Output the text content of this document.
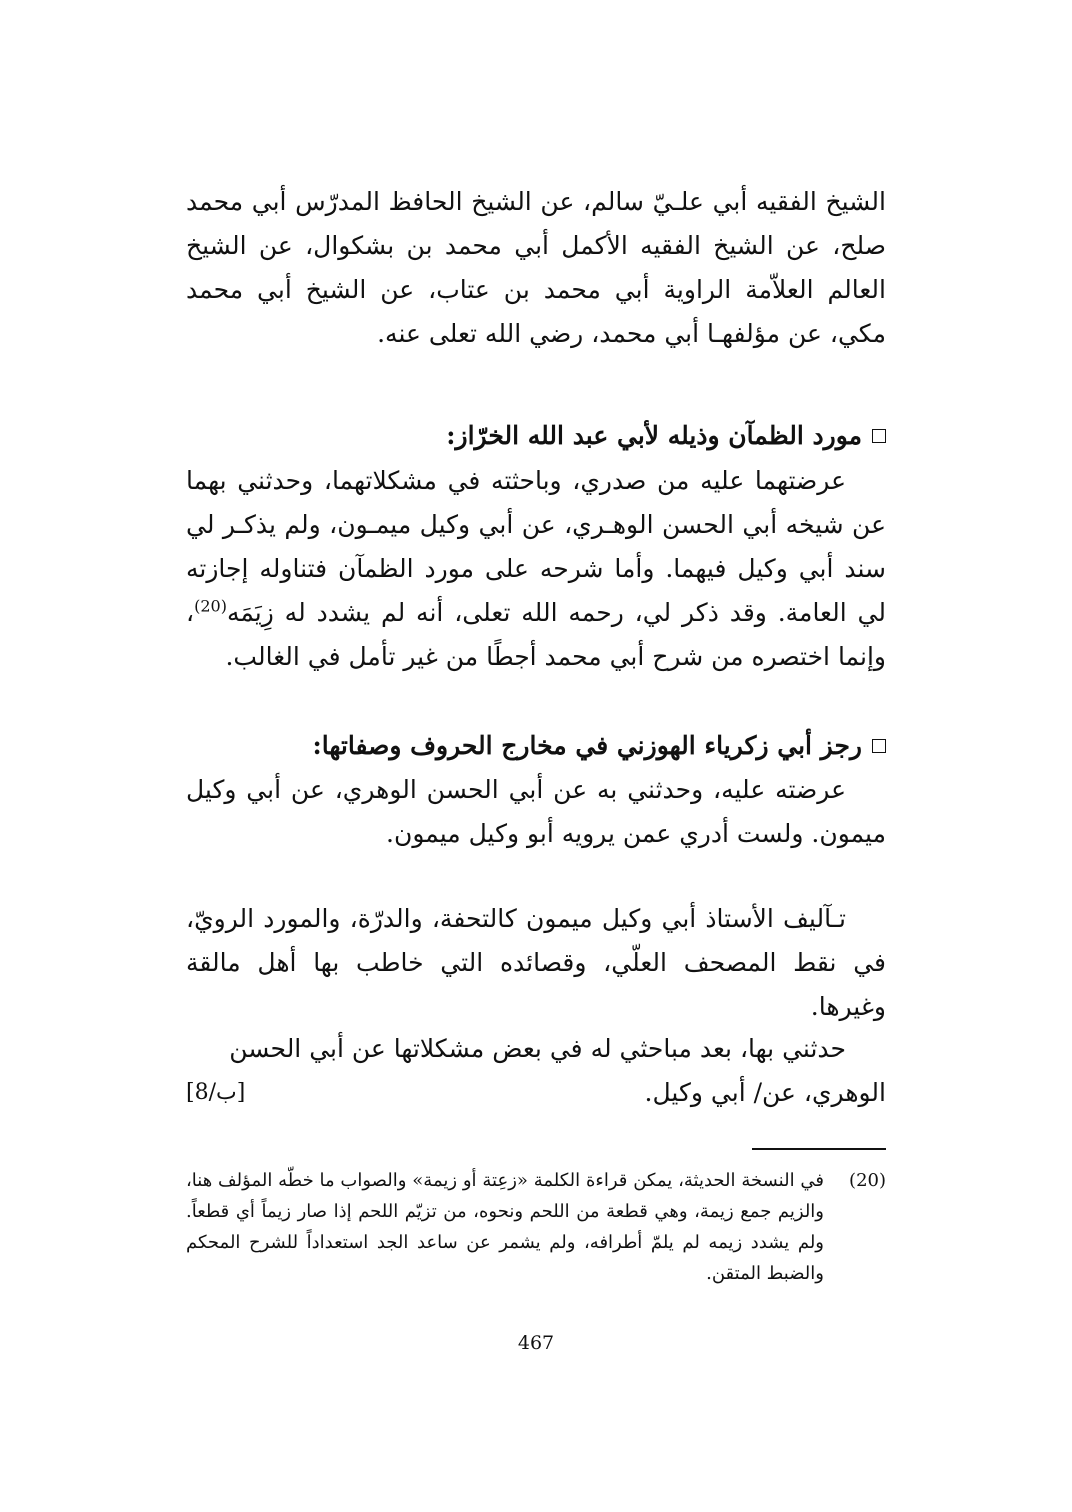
الشيخ الفقيه أبي علـيّ سالم، عن الشيخ الحافظ المدرّس أبي محمد صلح، عن الشيخ الفقيه الأكمل أبي محمد بن بشكوال، عن الشيخ العالم العلاّمة الراوية أبي محمد بن عتاب، عن الشيخ أبي محمد مكي، عن مؤلفهـا أبي محمد، رضي الله تعلى عنه.

مورد الظمآن وذيله لأبي عبد الله الخرّاز:

عرضتهما عليه من صدري، وباحثته في مشكلاتهما، وحدثني بهما عن شيخه أبي الحسن الوهـري، عن أبي وكيل ميمـون، ولم يذكـر لي سند أبي وكيل فيهما. وأما شرحه على مورد الظمآن فتناوله إجازته لي العامة. وقد ذكر لي، رحمه الله تعلى، أنه لم يشدد له زِيَمَه$^{(20)}$، وإنما اختصره من شرح أبي محمد أجطًا من غير تأمل في الغالب.

رجز أبي زكرياء الهوزني في مخارج الحروف وصفاتها:

عرضته عليه، وحدثني به عن أبي الحسن الوهري، عن أبي وكيل ميمون. ولست أدري عمن يرويه أبو وكيل ميمون.

تـآليف الأستاذ أبي وكيل ميمون كالتحفة، والدرّة، والمورد الرويّ، في نقط المصحف العلّي، وقصائده التي خاطب بها أهل مالقة وغيرها.

حدثني بها، بعد مباحثي له في بعض مشكلاتها عن أبي الحسن

الوهري، عن/ أبي وكيل.
[8/ب]
(20)
في النسخة الحديثة، يمكن قراءة الكلمة «زعِتة أو زيمة» والصواب ما خطّه المؤلف هنا، والزيم جمع زيمة، وهي قطعة من اللحم ونحوه، من تزيّم اللحم إذا صار زيماً أي قطعاً. ولم يشدد زيمه لم يلمّ أطرافه، ولم يشمر عن ساعد الجد استعداداً للشرح المحكم والضبط المتقن.
467
